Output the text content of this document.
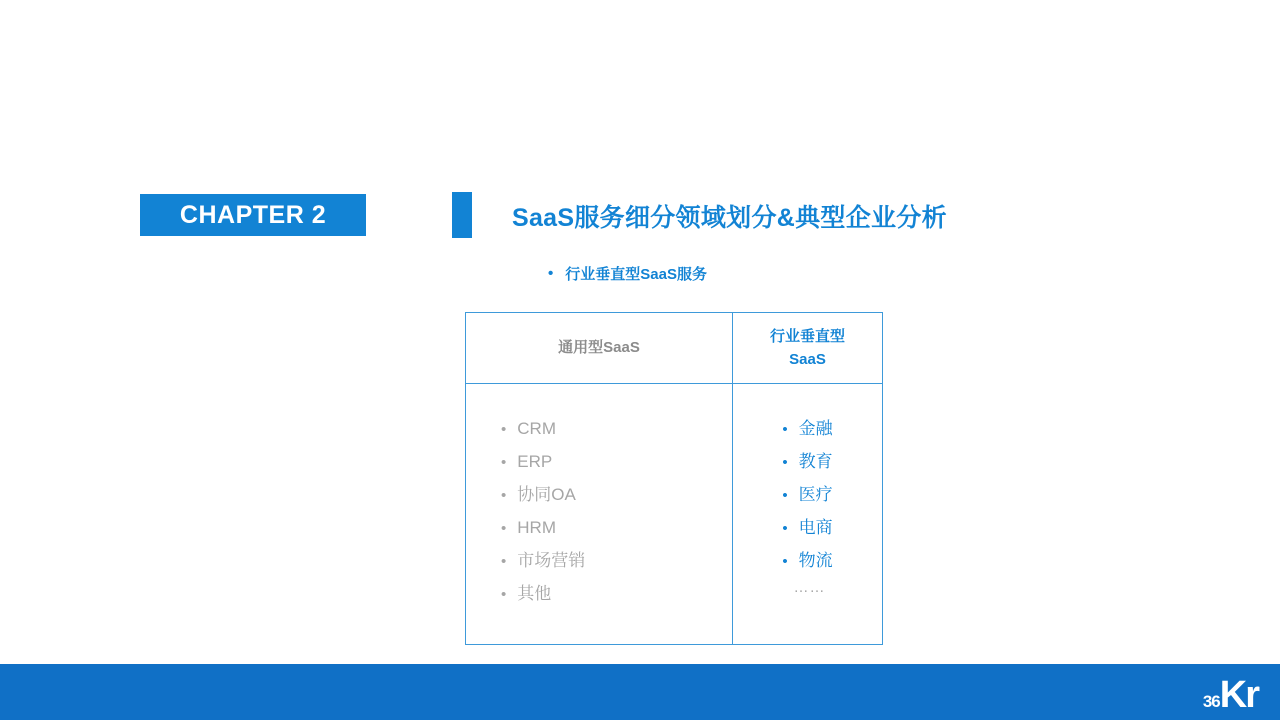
CHAPTER 2	SaaS服务细分领域划分&典型企业分析
• 行业垂直型SaaS服务
通用型SaaS
行业垂直型
SaaS
• CRM
• ERP
• 协同OA
• HRM
• 市场营销
• 其他
• 金融
• 教育
• 医疗
• 电商
• 物流
……
36 Kr
